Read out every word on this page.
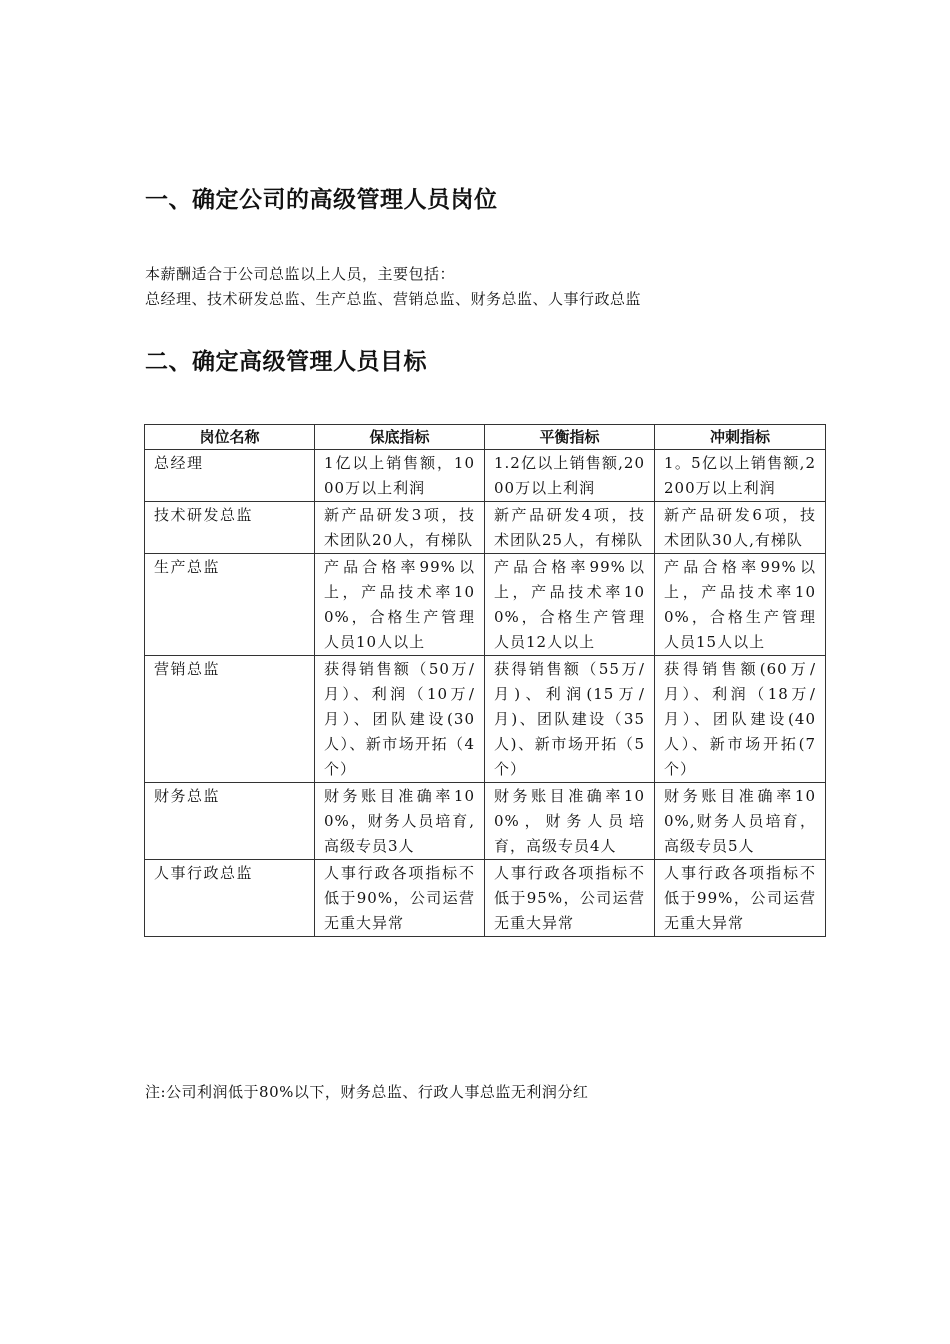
一、确定公司的高级管理人员岗位

本薪酬适合于公司总监以上人员，主要包括：

总经理、技术研发总监、生产总监、营销总监、财务总监、人事行政总监

二、确定高级管理人员目标
岗位名称	保底指标	平衡指标	冲刺指标
总经理	1亿以上销售额，1000万以上利润	1.2亿以上销售额,2000万以上利润	1。5亿以上销售额,2200万以上利润
技术研发总监	新产品研发3项，技术团队20人，有梯队	新产品研发4项，技术团队25人，有梯队	新产品研发6项，技术团队30人,有梯队
生产总监	产品合格率99%以上，产品技术率100%，合格生产管理人员10人以上	产品合格率99%以上，产品技术率100%，合格生产管理人员12人以上	产品合格率99%以上，产品技术率100%，合格生产管理人员15人以上
营销总监	获得销售额（50万/月）、利润（10万/月）、团队建设(30人）、新市场开拓（4个）	获得销售额（55万/月)、利润(15万/月)、团队建设（35人)、新市场开拓（5个）	获得销售额(60万/月）、利润（18万/月）、团队建设(40人）、新市场开拓(7个）
财务总监	财务账目准确率100%，财务人员培育,高级专员3人	财务账目准确率100%，财务人员培育，高级专员4人	财务账目准确率100%,财务人员培育，高级专员5人
人事行政总监	人事行政各项指标不低于90%，公司运营无重大异常	人事行政各项指标不低于95%，公司运营无重大异常	人事行政各项指标不低于99%，公司运营无重大异常

注:公司利润低于80%以下，财务总监、行政人事总监无利润分红
